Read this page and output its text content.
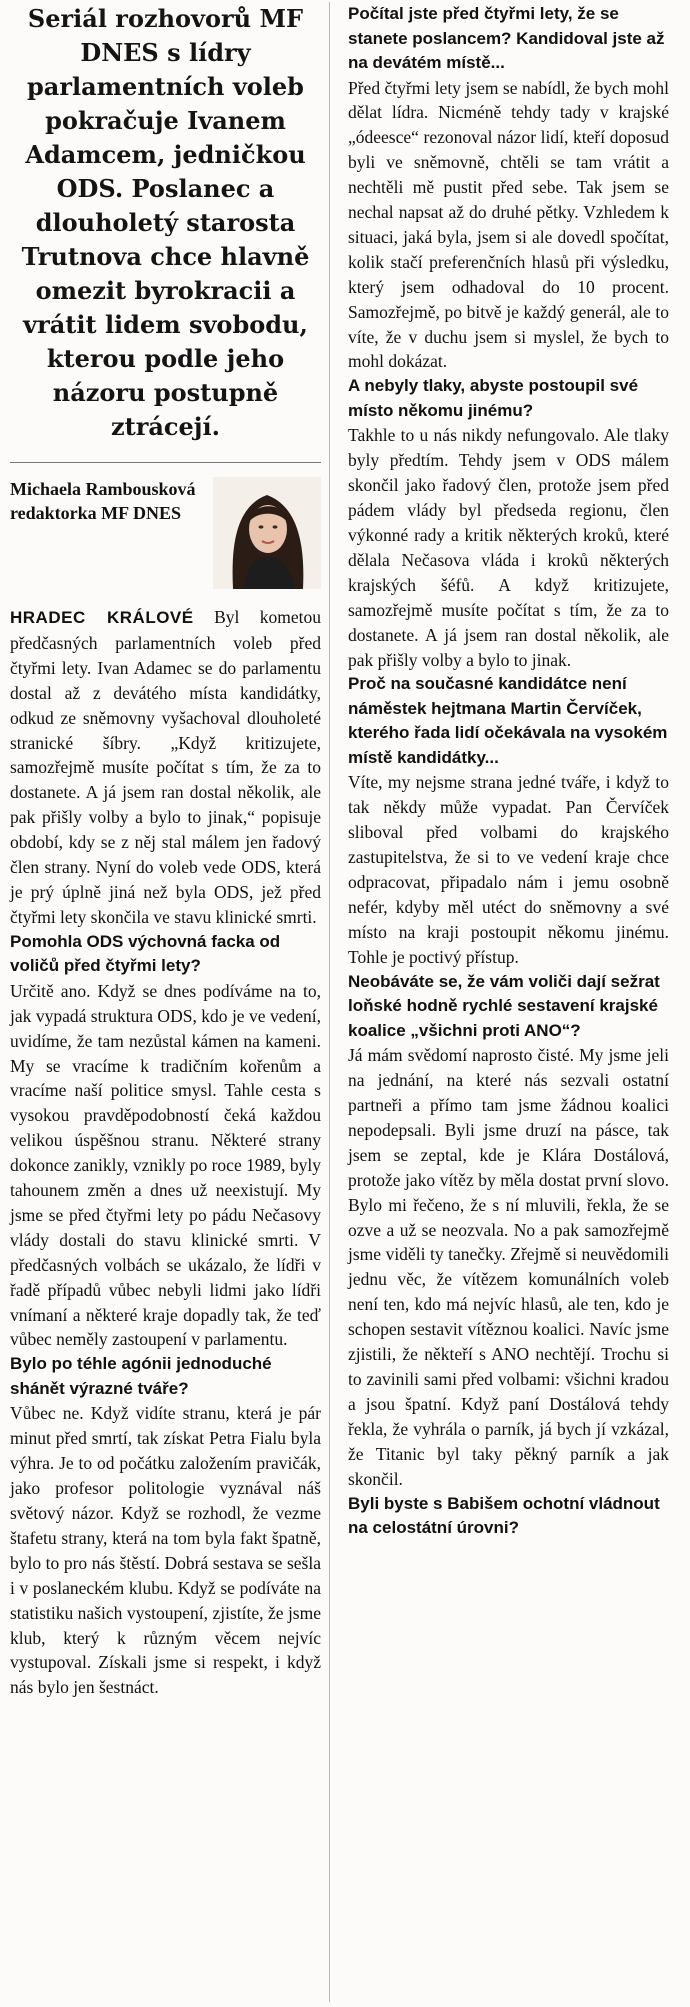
Seriál rozhovorů MF DNES s lídry parlamentních voleb pokračuje Ivanem Adamcem, jedničkou ODS. Poslanec a dlouholetý starosta Trutnova chce hlavně omezit byrokracii a vrátit lidem svobodu, kterou podle jeho názoru postupně ztrácejí.

Michaela Rambousková
redaktorka MF DNES

HRADEC KRÁLOVÉ Byl kometou předčasných parlamentních voleb před čtyřmi lety. Ivan Adamec se do parlamentu dostal až z devátého místa kandidátky, odkud ze sněmovny vyšachoval dlouholeté stranické šíbry. „Když kritizujete, samozřejmě musíte počítat s tím, že za to dostanete. A já jsem ran dostal několik, ale pak přišly volby a bylo to jinak,“ popisuje období, kdy se z něj stal málem jen řadový člen strany. Nyní do voleb vede ODS, která je prý úplně jiná než byla ODS, jež před čtyřmi lety skončila ve stavu klinické smrti.

Pomohla ODS výchovná facka od voličů před čtyřmi lety?

Určitě ano. Když se dnes podíváme na to, jak vypadá struktura ODS, kdo je ve vedení, uvidíme, že tam nezůstal kámen na kameni. My se vracíme k tradičním kořenům a vracíme naší politice smysl. Tahle cesta s vysokou pravděpodobností čeká každou velikou úspěšnou stranu. Některé strany dokonce zanikly, vznikly po roce 1989, byly tahounem změn a dnes už neexistují. My jsme se před čtyřmi lety po pádu Nečasovy vlády dostali do stavu klinické smrti. V předčasných volbách se ukázalo, že lídři v řadě případů vůbec nebyli lidmi jako lídři vnímaní a některé kraje dopadly tak, že teď vůbec neměly zastoupení v parlamentu.

Bylo po téhle agónii jednoduché shánět výrazné tváře?

Vůbec ne. Když vidíte stranu, která je pár minut před smrtí, tak získat Petra Fialu byla výhra. Je to od počátku založením pravičák, jako profesor politologie vyznával náš světový názor. Když se rozhodl, že vezme štafetu strany, která na tom byla fakt špatně, bylo to pro nás štěstí. Dobrá sestava se sešla i v poslaneckém klubu. Když se podíváte na statistiku našich vystoupení, zjistíte, že jsme klub, který k různým věcem nejvíc vystupoval. Získali jsme si respekt, i když nás bylo jen šestnáct.

Počítal jste před čtyřmi lety, že se stanete poslancem? Kandidoval jste až na devátém místě...

Před čtyřmi lety jsem se nabídl, že bych mohl dělat lídra. Nicméně tehdy tady v krajské „ódeesce“ rezonoval názor lidí, kteří doposud byli ve sněmovně, chtěli se tam vrátit a nechtěli mě pustit před sebe. Tak jsem se nechal napsat až do druhé pětky. Vzhledem k situaci, jaká byla, jsem si ale dovedl spočítat, kolik stačí preferenčních hlasů při výsledku, který jsem odhadoval do 10 procent. Samozřejmě, po bitvě je každý generál, ale to víte, že v duchu jsem si myslel, že bych to mohl dokázat.

A nebyly tlaky, abyste postoupil své místo někomu jinému?

Takhle to u nás nikdy nefungovalo. Ale tlaky byly předtím. Tehdy jsem v ODS málem skončil jako řadový člen, protože jsem před pádem vlády byl předseda regionu, člen výkonné rady a kritik některých kroků, které dělala Nečasova vláda i kroků některých krajských šéfů. A když kritizujete, samozřejmě musíte počítat s tím, že za to dostanete. A já jsem ran dostal několik, ale pak přišly volby a bylo to jinak.

Proč na současné kandidátce není náměstek hejtmana Martin Červíček, kterého řada lidí očekávala na vysokém místě kandidátky...

Víte, my nejsme strana jedné tváře, i když to tak někdy může vypadat. Pan Červíček sliboval před volbami do krajského zastupitelstva, že si to ve vedení kraje chce odpracovat, připadalo nám i jemu osobně nefér, kdyby měl utéct do sněmovny a své místo na kraji postoupit někomu jinému. Tohle je poctivý přístup.

Neobáváte se, že vám voliči dají sežrat loňské hodně rychlé sestavení krajské koalice „všichni proti ANO“?

Já mám svědomí naprosto čisté. My jsme jeli na jednání, na které nás sezvali ostatní partneři a přímo tam jsme žádnou koalici nepodepsali. Byli jsme druzí na pásce, tak jsem se zeptal, kde je Klára Dostálová, protože jako vítěz by měla dostat první slovo. Bylo mi řečeno, že s ní mluvili, řekla, že se ozve a už se neozvala. No a pak samozřejmě jsme viděli ty tanečky. Zřejmě si neuvědomili jednu věc, že vítězem komunálních voleb není ten, kdo má nejvíc hlasů, ale ten, kdo je schopen sestavit vítěznou koalici. Navíc jsme zjistili, že někteří s ANO nechtějí. Trochu si to zavinili sami před volbami: všichni kradou a jsou špatní. Když paní Dostálová tehdy řekla, že vyhrála o parník, já bych jí vzkázal, že Titanic byl taky pěkný parník a jak skončil.

Byli byste s Babišem ochotní vládnout na celostátní úrovni?
